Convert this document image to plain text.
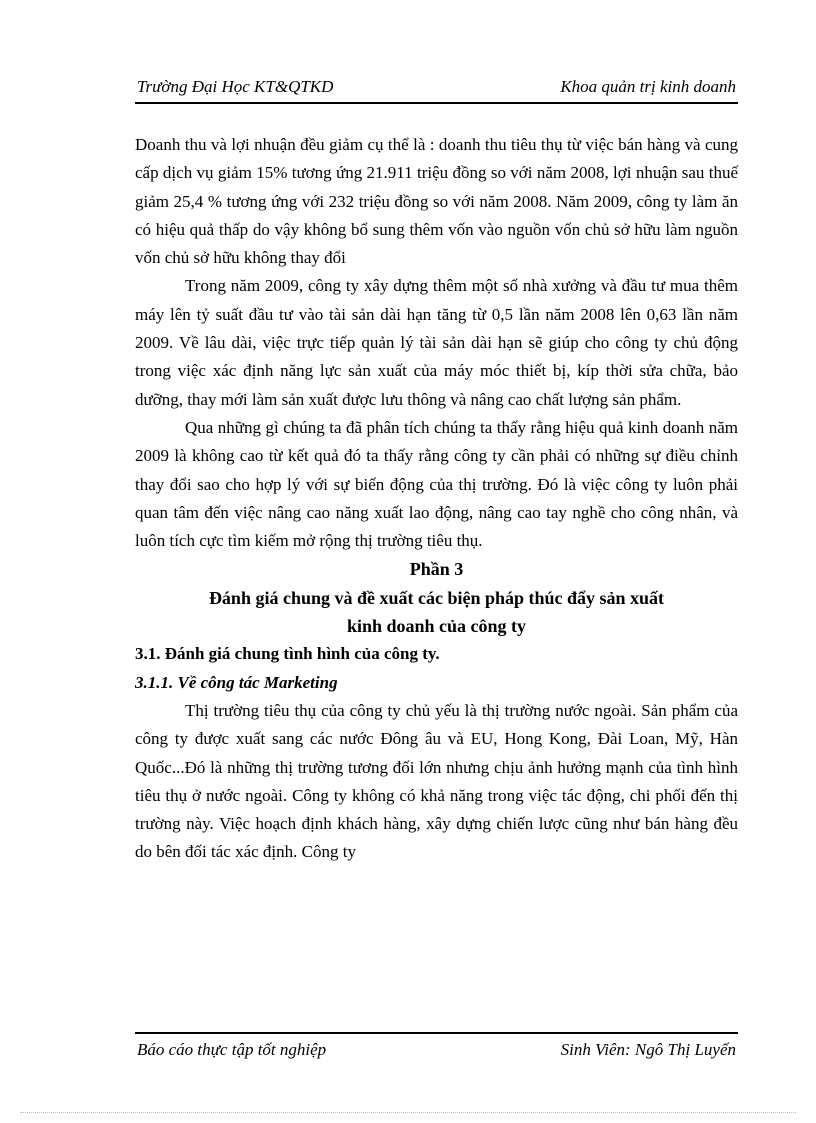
Trường Đại Học KT&QTKD	Khoa quản trị kinh doanh

Doanh thu và lợi nhuận đều giảm cụ thể là : doanh thu tiêu thụ từ việc bán hàng và cung cấp dịch vụ giảm 15% tương ứng 21.911 triệu đồng so với năm 2008, lợi nhuận sau thuế giảm 25,4 % tương ứng với 232 triệu đồng so với năm 2008. Năm 2009, công ty làm ăn có hiệu quả thấp do vậy không bổ sung thêm vốn vào nguồn vốn chủ sở hữu làm nguồn vốn chủ sở hữu không thay đổi

Trong năm 2009, công ty xây dựng thêm một số nhà xưởng và đầu tư mua thêm máy lên tỷ suất đầu tư vào tài sản dài hạn tăng từ 0,5 lần năm 2008 lên 0,63 lần năm 2009. Về lâu dài, việc trực tiếp quản lý tài sản dài hạn sẽ giúp cho công ty chủ động trong việc xác định năng lực sản xuất của máy móc thiết bị, kíp thời sửa chữa, bảo dưỡng, thay mới làm sản xuất được lưu thông và nâng cao chất lượng sản phẩm.

Qua những gì chúng ta đã phân tích chúng ta thấy rằng hiệu quả kinh doanh năm 2009 là không cao từ kết quả đó ta thấy rằng công ty cần phải có những sự điều chỉnh thay đổi sao cho hợp lý với sự biến động của thị trường. Đó là việc công ty luôn phải quan tâm đến việc nâng cao năng xuất lao động, nâng cao tay nghề cho công nhân, và luôn tích cực tìm kiếm mở rộng thị trường tiêu thụ.

Phần 3

Đánh giá chung và đề xuất các biện pháp thúc đẩy sản xuất

kinh doanh của công ty

3.1. Đánh giá chung tình hình của công ty.

3.1.1. Về công tác Marketing

Thị trường tiêu thụ của công ty chủ yếu là thị trường nước ngoài. Sản phẩm của công ty được xuất sang các nước Đông âu và EU, Hong Kong, Đài Loan, Mỹ, Hàn Quốc...Đó là những thị trường tương đối lớn nhưng chịu ảnh hưởng mạnh của tình hình tiêu thụ ở nước ngoài. Công ty không có khả năng trong việc tác động, chi phối đến thị trường này. Việc hoạch định khách hàng, xây dựng chiến lược cũng như bán hàng đều do bên đối tác xác định. Công ty

Báo cáo thực tập tốt nghiệp	Sinh Viên: Ngô Thị Luyến
